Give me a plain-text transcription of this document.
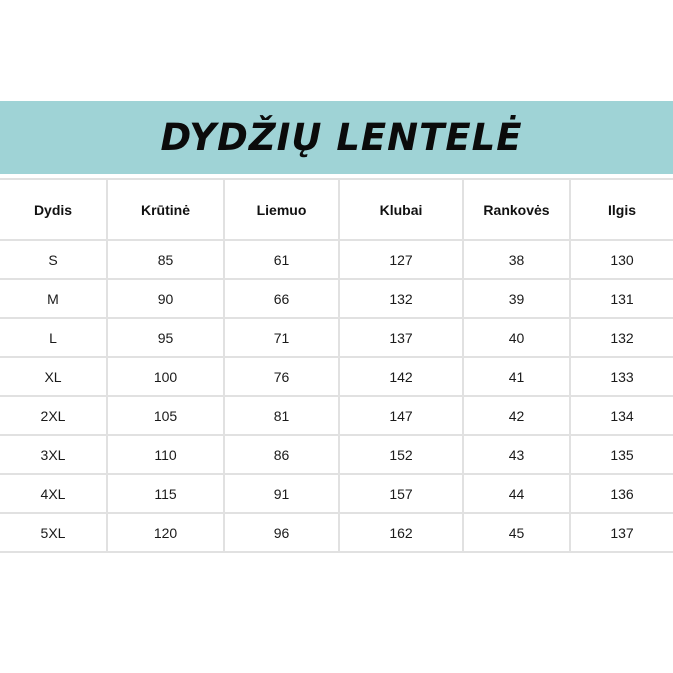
DYDŽIŲ LENTELĖ
Dydis	Krūtinė	Liemuo	Klubai	Rankovės	Ilgis
S	85	61	127	38	130
M	90	66	132	39	131
L	95	71	137	40	132
XL	100	76	142	41	133
2XL	105	81	147	42	134
3XL	110	86	152	43	135
4XL	115	91	157	44	136
5XL	120	96	162	45	137
